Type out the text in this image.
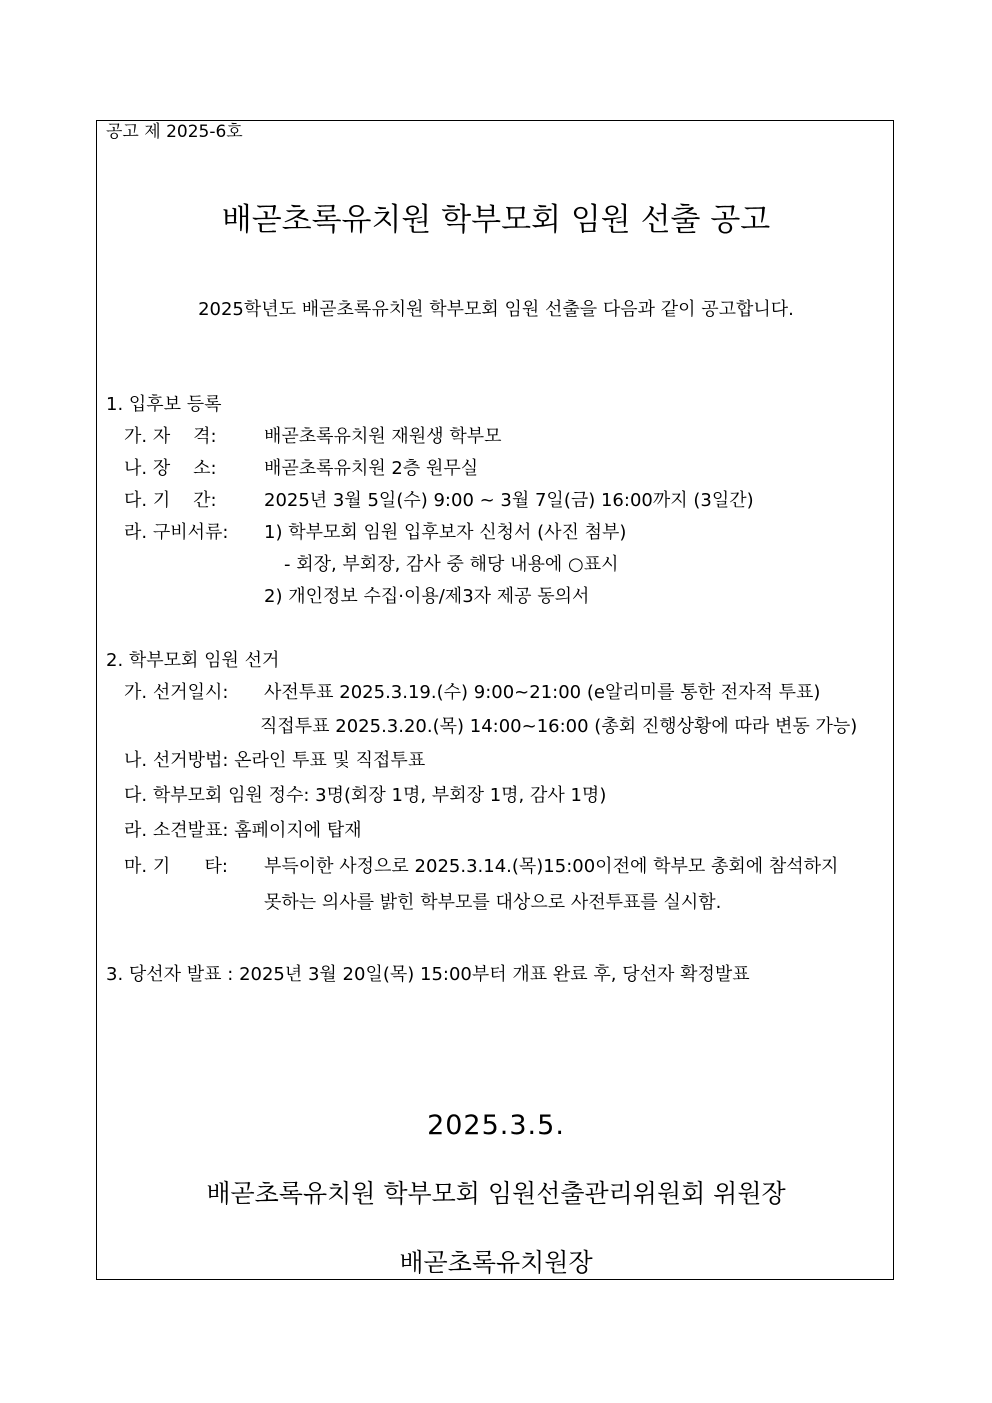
공고 제 2025-6호
배곧초록유치원 학부모회 임원 선출 공고
2025학년도 배곧초록유치원 학부모회 임원 선출을 다음과 같이 공고합니다.
1. 입후보 등록
가. 자    격:	배곧초록유치원 재원생 학부모
나. 장    소:	배곧초록유치원 2층 원무실
다. 기    간:	2025년 3월 5일(수) 9:00 ~ 3월 7일(금) 16:00까지 (3일간)
라. 구비서류: 1) 학부모회 임원 입후보자 신청서 (사진 첨부)
- 회장, 부회장, 감사 중 해당 내용에 ○표시
2) 개인정보 수집·이용/제3자 제공 동의서
2. 학부모회 임원 선거
가. 선거일시: 사전투표 2025.3.19.(수) 9:00~21:00 (e알리미를 통한 전자적 투표)
직접투표 2025.3.20.(목) 14:00~16:00 (총회 진행상황에 따라 변동 가능)
나. 선거방법: 온라인 투표 및 직접투표
다. 학부모회 임원 정수: 3명(회장 1명, 부회장 1명, 감사 1명)
라. 소견발표: 홈페이지에 탑재
마. 기      타: 부득이한 사정으로 2025.3.14.(목)15:00이전에 학부모 총회에 참석하지
못하는 의사를 밝힌 학부모를 대상으로 사전투표를 실시함.
3. 당선자 발표 : 2025년 3월 20일(목) 15:00부터 개표 완료 후, 당선자 확정발표
2025.3.5.
배곧초록유치원 학부모회 임원선출관리위원회 위원장
배곧초록유치원장
